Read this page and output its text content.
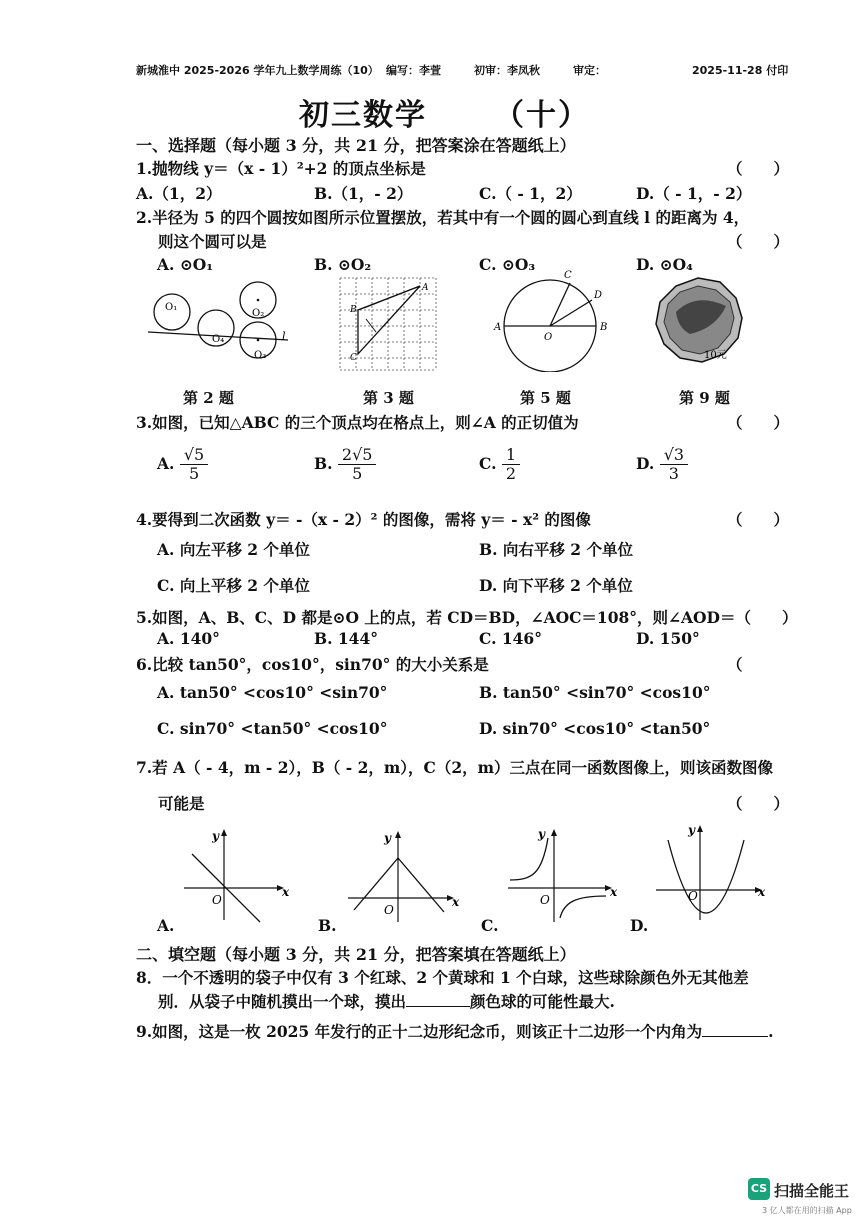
新城淮中 2025-2026 学年九上数学周练（10） 编写：李萱	初审：李凤秋	审定：	2025-11-28 付印
初三数学 （十）
一、选择题（每小题 3 分，共 21 分，把答案涂在答题纸上）
1.抛物线 y＝（x - 1）²+2 的顶点坐标是	（　　）
A.（1，2）	B.（1，- 2）	C.（ - 1，2）	D.（ - 1，- 2）
2.半径为 5 的四个圆按如图所示位置摆放，若其中有一个圆的圆心到直线 l 的距离为 4，
则这个圆可以是	（　　）
A. ⊙O₁	B. ⊙O₂	C. ⊙O₃	D. ⊙O₄
O₁
O₄
O₂
O₃
l
A
B
C
A	B
C
D
O
10元
第 2 题	第 3 题	第 5 题	第 9 题
3.如图，已知△ABC 的三个顶点均在格点上，则∠A 的正切值为	（　　）
A. $\frac{√5}{5}$	B. $\frac{2√5}{5}$	C. $\frac{1}{2}$	D. $\frac{√3}{3}$
4.要得到二次函数 y＝ -（x - 2）² 的图像，需将 y＝ - x² 的图像	（　　）
A. 向左平移 2 个单位	B. 向右平移 2 个单位
C. 向上平移 2 个单位	D. 向下平移 2 个单位
5.如图，A、B、C、D 都是⊙O 上的点，若 CD＝BD，∠AOC＝108°，则∠AOD＝（　　）
A. 140°	B. 144°	C. 146°	D. 150°
6.比较 tan50°，cos10°，sin70° 的大小关系是	（
A. tan50° <cos10° <sin70°	B. tan50° <sin70° <cos10°
C. sin70° <tan50° <cos10°	D. sin70° <cos10° <tan50°
7.若 A（ - 4，m - 2），B（ - 2，m），C（2，m）三点在同一函数图像上，则该函数图像
可能是	（　　）
y
x
O
y
x
O
y
x
O
y
x
O
A.	B.	C.	D.
二、填空题（每小题 3 分，共 21 分，把答案填在答题纸上）
8．一个不透明的袋子中仅有 3 个红球、2 个黄球和 1 个白球，这些球除颜色外无其他差
别．从袋子中随机摸出一个球，摸出	颜色球的可能性最大.
9.如图，这是一枚 2025 年发行的正十二边形纪念币，则该正十二边形一个内角为	.
CS 扫描全能王
3 亿人都在用的扫描 App
